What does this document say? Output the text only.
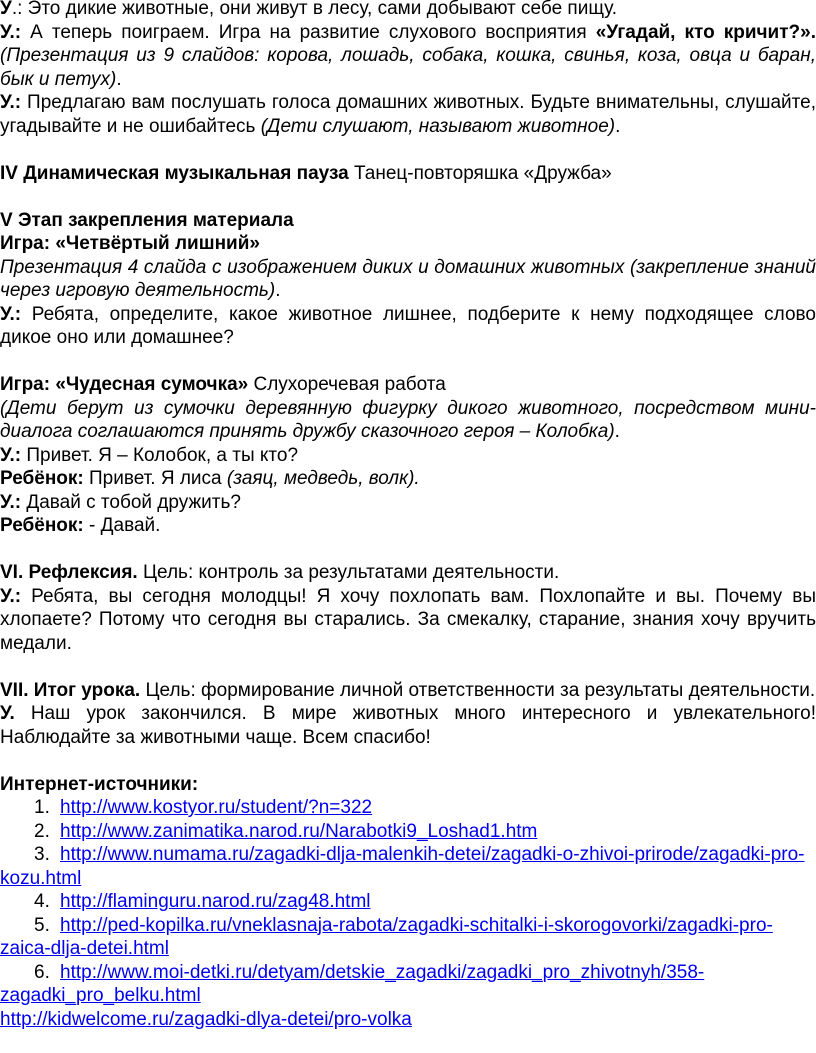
У.: Это дикие животные, они живут в лесу, сами добывают себе пищу.

У.: А теперь поиграем. Игра на развитие слухового восприятия «Угадай, кто кричит?». (Презентация из 9 слайдов: корова, лошадь, собака, кошка, свинья, коза, овца и баран, бык и петух).

У.: Предлагаю вам послушать голоса домашних животных. Будьте внимательны, слушайте, угадывайте и не ошибайтесь (Дети слушают, называют животное).

IV Динамическая музыкальная пауза Танец-повторяшка «Дружба»

V Этап закрепления материала

Игра: «Четвёртый лишний»

Презентация 4 слайда с изображением диких и домашних животных (закрепление знаний через игровую деятельность).

У.: Ребята, определите, какое животное лишнее, подберите к нему подходящее слово дикое оно или домашнее?

Игра: «Чудесная сумочка» Слухоречевая работа

(Дети берут из сумочки деревянную фигурку дикого животного, посредством мини-диалога соглашаются принять дружбу сказочного героя – Колобка).

У.: Привет. Я – Колобок, а ты кто?

Ребёнок: Привет. Я лиса (заяц, медведь, волк).

У.: Давай с тобой дружить?

Ребёнок: - Давай.

VI. Рефлексия. Цель: контроль за результатами деятельности.

У.: Ребята, вы сегодня молодцы! Я хочу похлопать вам. Похлопайте и вы. Почему вы хлопаете? Потому что сегодня вы старались. За смекалку, старание, знания хочу вручить медали.

VII. Итог урока. Цель: формирование личной ответственности за результаты деятельности.

У. Наш урок закончился. В мире животных много интересного и увлекательного! Наблюдайте за животными чаще. Всем спасибо!

Интернет-источники:

1. http://www.kostyor.ru/student/?n=322

2. http://www.zanimatika.narod.ru/Narabotki9_Loshad1.htm

3. http://www.numama.ru/zagadki-dlja-malenkih-detei/zagadki-o-zhivoi-prirode/zagadki-pro-kozu.html

4. http://flaminguru.narod.ru/zag48.html

5. http://ped-kopilka.ru/vneklasnaja-rabota/zagadki-schitalki-i-skorogovorki/zagadki-pro-zaica-dlja-detei.html

6. http://www.moi-detki.ru/detyam/detskie_zagadki/zagadki_pro_zhivotnyh/358-zagadki_pro_belku.html

http://kidwelcome.ru/zagadki-dlya-detei/pro-volka
